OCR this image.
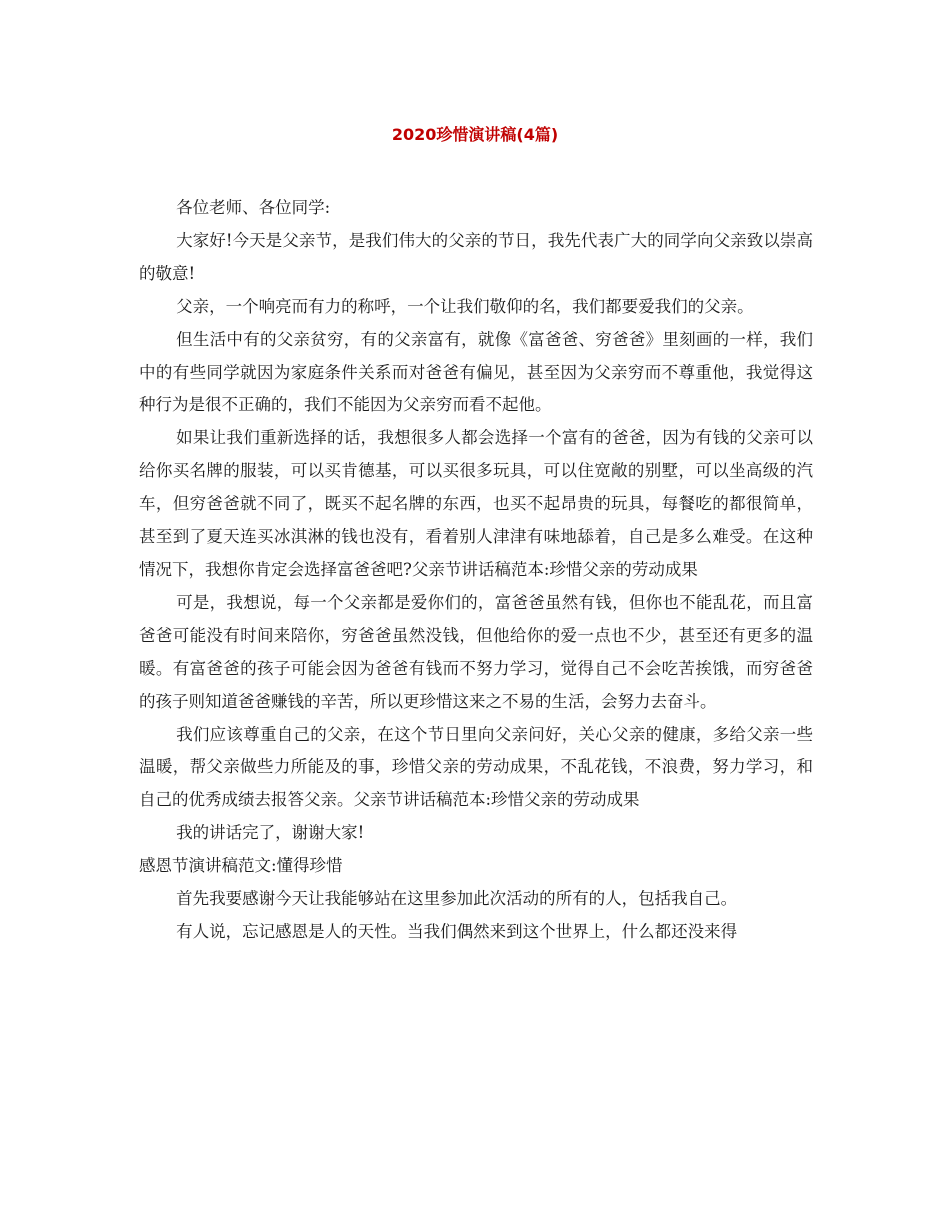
2020珍惜演讲稿(4篇)

各位老师、各位同学:

大家好!今天是父亲节，是我们伟大的父亲的节日，我先代表广大的同学向父亲致以崇高的敬意!

父亲，一个响亮而有力的称呼，一个让我们敬仰的名，我们都要爱我们的父亲。

但生活中有的父亲贫穷，有的父亲富有，就像《富爸爸、穷爸爸》里刻画的一样，我们中的有些同学就因为家庭条件关系而对爸爸有偏见，甚至因为父亲穷而不尊重他，我觉得这种行为是很不正确的，我们不能因为父亲穷而看不起他。

如果让我们重新选择的话，我想很多人都会选择一个富有的爸爸，因为有钱的父亲可以给你买名牌的服装，可以买肯德基，可以买很多玩具，可以住宽敞的别墅，可以坐高级的汽车，但穷爸爸就不同了，既买不起名牌的东西，也买不起昂贵的玩具，每餐吃的都很简单，甚至到了夏天连买冰淇淋的钱也没有，看着别人津津有味地舔着，自己是多么难受。在这种情况下，我想你肯定会选择富爸爸吧?父亲节讲话稿范本:珍惜父亲的劳动成果

可是，我想说，每一个父亲都是爱你们的，富爸爸虽然有钱，但你也不能乱花，而且富爸爸可能没有时间来陪你，穷爸爸虽然没钱，但他给你的爱一点也不少，甚至还有更多的温暖。有富爸爸的孩子可能会因为爸爸有钱而不努力学习，觉得自己不会吃苦挨饿，而穷爸爸的孩子则知道爸爸赚钱的辛苦，所以更珍惜这来之不易的生活，会努力去奋斗。

我们应该尊重自己的父亲，在这个节日里向父亲问好，关心父亲的健康，多给父亲一些温暖，帮父亲做些力所能及的事，珍惜父亲的劳动成果，不乱花钱，不浪费，努力学习，和自己的优秀成绩去报答父亲。父亲节讲话稿范本:珍惜父亲的劳动成果

我的讲话完了，谢谢大家!

感恩节演讲稿范文:懂得珍惜

首先我要感谢今天让我能够站在这里参加此次活动的所有的人，包括我自己。

有人说，忘记感恩是人的天性。当我们偶然来到这个世界上，什么都还没来得
